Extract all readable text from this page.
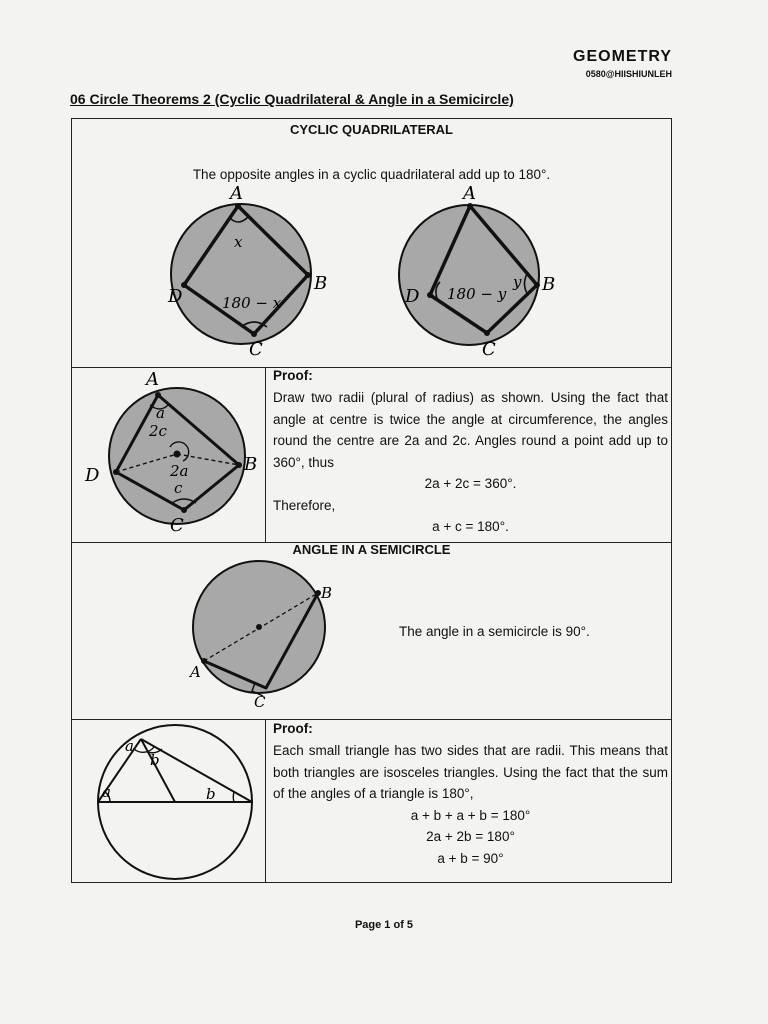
GEOMETRY
0580@HIISHIUNLEH
06 Circle Theorems 2 (Cyclic Quadrilateral & Angle in a Semicircle)
CYCLIC QUADRILATERAL
The opposite angles in a cyclic quadrilateral add up to 180°.
A
B
C
D
x
180 − x
A
B
C
D 180 − y
y
A
B
C
D
a
2c
2a
c
Proof:
Draw two radii (plural of radius) as shown. Using the fact that angle at centre is twice the angle at circumference, the angles round the centre are 2a and 2c. Angles round a point add up to 360°, thus
2a + 2c = 360°.
Therefore,
a + c = 180°.
ANGLE IN A SEMICIRCLE
B
A
C
The angle in a semicircle is 90°.
a
a
b
b
Proof:
Each small triangle has two sides that are radii. This means that both triangles are isosceles triangles. Using the fact that the sum of the angles of a triangle is 180°,
a + b + a + b = 180°
2a + 2b = 180°
a + b = 90°
Page 1 of 5
